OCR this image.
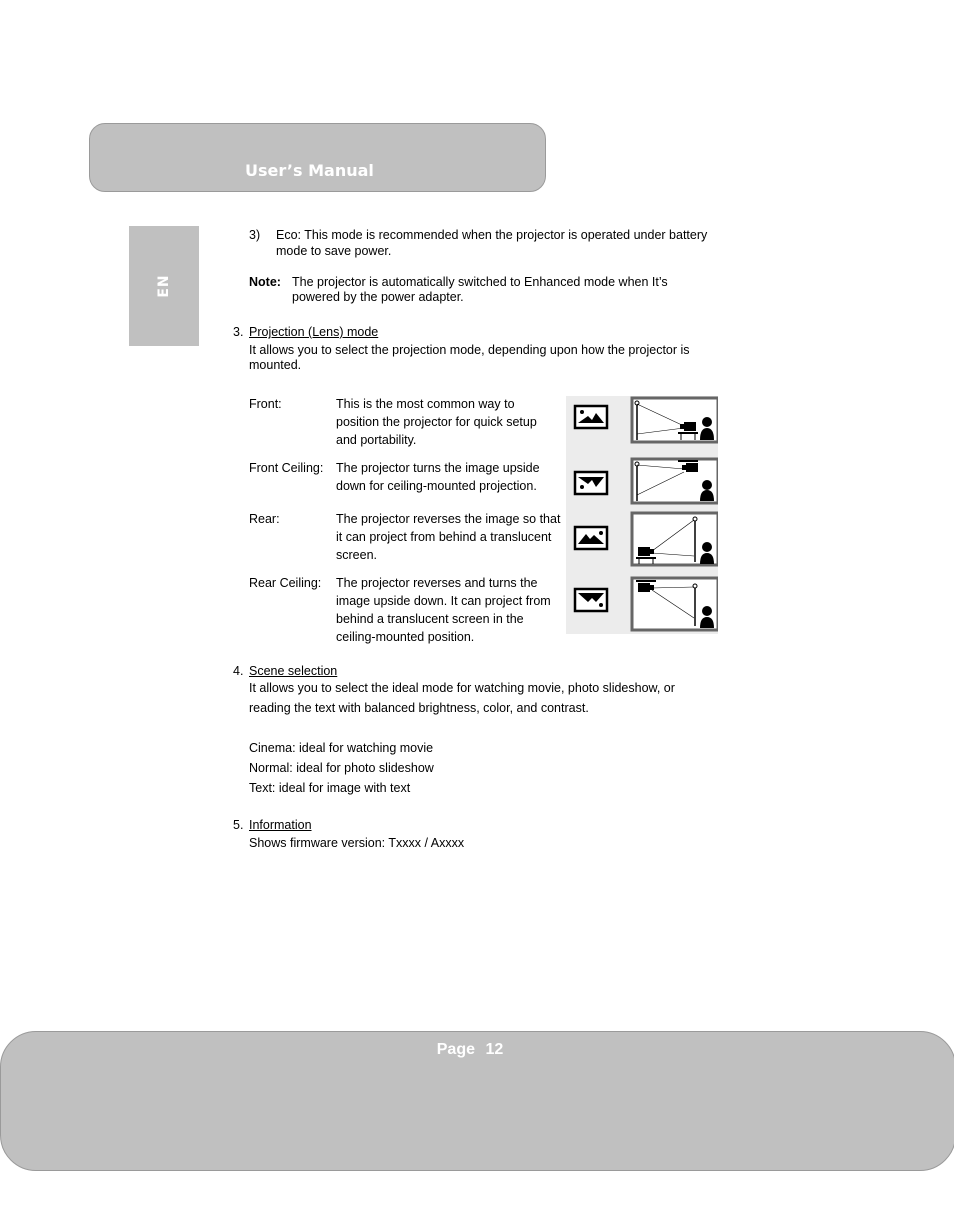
User’s Manual
EN
3) Eco: This mode is recommended when the projector is operated under battery
mode to save power.
Note: The projector is automatically switched to Enhanced mode when It’s
powered by the power adapter.
3. Projection (Lens) mode
It allows you to select the projection mode, depending upon how the projector is
mounted.
Front:	This is the most common way to position the projector for quick setup and portability.
Front Ceiling: The projector turns the image upside down for ceiling-mounted projection.
Rear:	The projector reverses the image so that it can project from behind a translucent screen.
Rear Ceiling: The projector reverses and turns the image upside down. It can project from behind a translucent screen in the ceiling-mounted position.
4. Scene selection
It allows you to select the ideal mode for watching movie, photo slideshow, or
reading the text with balanced brightness, color, and contrast.
Cinema: ideal for watching movie
Normal: ideal for photo slideshow
Text: ideal for image with text
5. Information
Shows firmware version: Txxxx / Axxxx
Page 12
